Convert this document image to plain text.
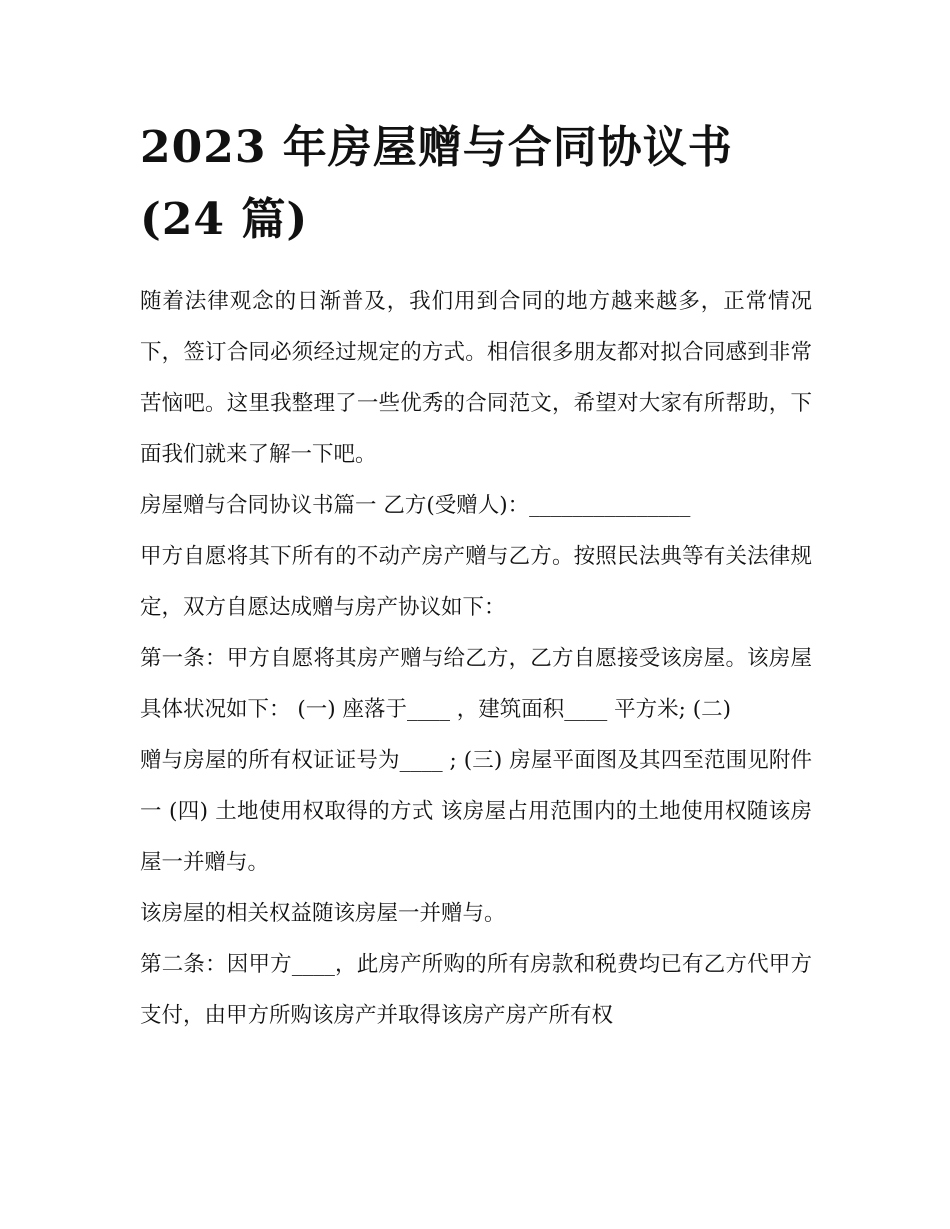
2023 年房屋赠与合同协议书
(24 篇)

随着法律观念的日渐普及，我们用到合同的地方越来越多，正常情况下，签订合同必须经过规定的方式。相信很多朋友都对拟合同感到非常苦恼吧。这里我整理了一些优秀的合同范文，希望对大家有所帮助，下面我们就来了解一下吧。

房屋赠与合同协议书篇一 乙方(受赠人)：_______________

甲方自愿将其下所有的不动产房产赠与乙方。按照民法典等有关法律规定，双方自愿达成赠与房产协议如下：

第一条：甲方自愿将其房产赠与给乙方，乙方自愿接受该房屋。该房屋具体状况如下： (一) 座落于____ ，建筑面积____ 平方米; (二)

赠与房屋的所有权证证号为____ ; (三) 房屋平面图及其四至范围见附件一 (四) 土地使用权取得的方式 该房屋占用范围内的土地使用权随该房屋一并赠与。

该房屋的相关权益随该房屋一并赠与。

第二条：因甲方____，此房产所购的所有房款和税费均已有乙方代甲方支付，由甲方所购该房产并取得该房产房产所有权
